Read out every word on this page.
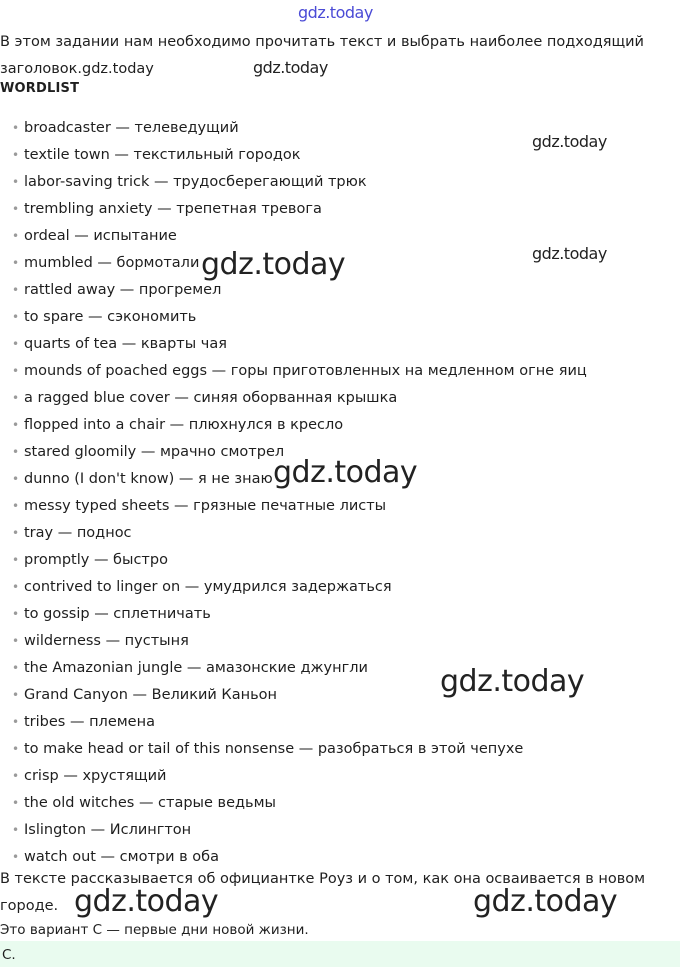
gdz.today
В этом задании нам необходимо прочитать текст и выбрать наиболее подходящий заголовок.gdz.today
WORDLIST
• broadcaster — телеведущий
• textile town — текстильный городок
• labor-saving trick — трудосберегающий трюк
• trembling anxiety — трепетная тревога
• ordeal — испытание
• mumbled — бормотали
• rattled away — прогремел
• to spare — сэкономить
• quarts of tea — кварты чая
• mounds of poached eggs — горы приготовленных на медленном огне яиц
• a ragged blue cover — синяя оборванная крышка
• flopped into a chair — плюхнулся в кресло
• stared gloomily — мрачно смотрел
• dunno (I don't know) — я не знаю
• messy typed sheets — грязные печатные листы
• tray — поднос
• promptly — быстро
• contrived to linger on — умудрился задержаться
• to gossip — сплетничать
• wilderness — пустыня
• the Amazonian jungle — амазонские джунгли
• Grand Canyon — Великий Каньон
• tribes — племена
• to make head or tail of this nonsense — разобраться в этой чепухе
• crisp — хрустящий
• the old witches — старые ведьмы
• Islington — Ислингтон
• watch out — смотри в оба
В тексте рассказывается об официантке Роуз и о том, как она осваивается в новом городе.
Это вариант C — первые дни новой жизни.
C.
gdz.today
gdz.today
gdz.today
gdz.today
gdz.today
gdz.today
gdz.today	gdz.today
